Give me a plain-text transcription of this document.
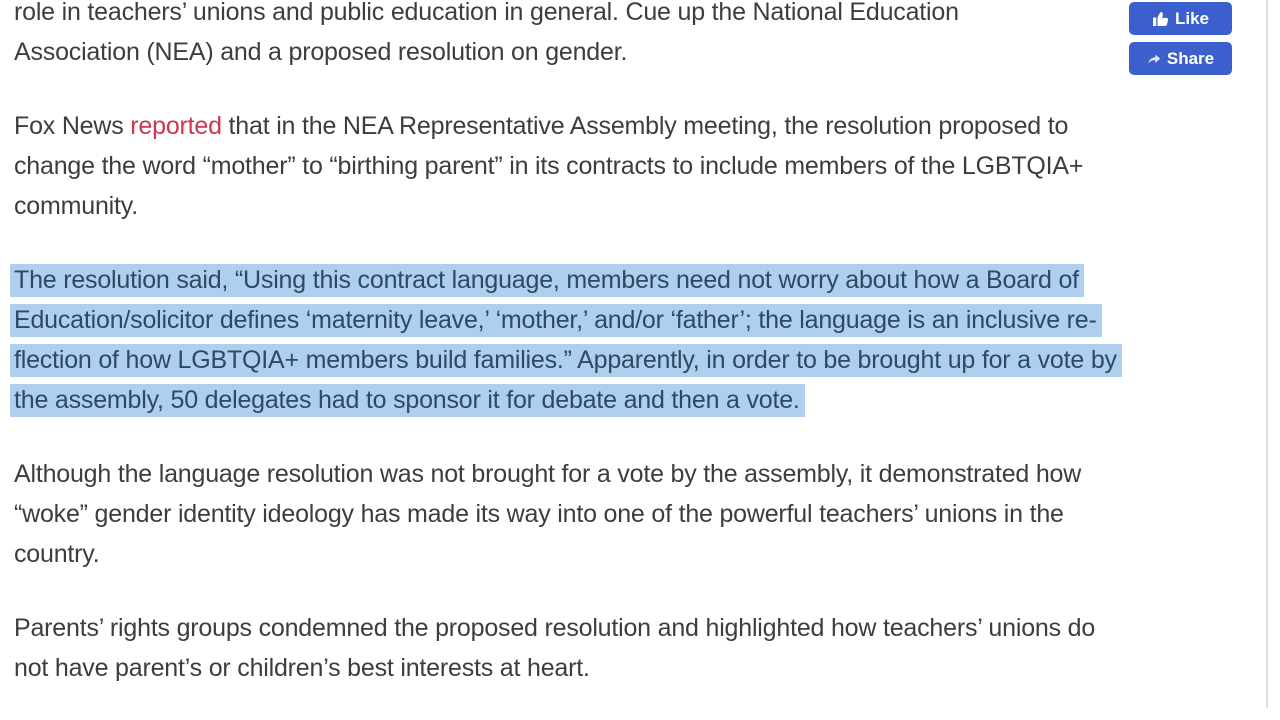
role in teachers’ unions and public education in general. Cue up the National Education
Association (NEA) and a proposed resolution on gender.
Fox News reported that in the NEA Representative Assembly meeting, the resolution proposed to
change the word “mother” to “birthing parent” in its contracts to include members of the LGBTQIA+
community.
The resolution said, “Using this contract language, members need not worry about how a Board of
Education/solicitor defines ‘maternity leave,’ ‘mother,’ and/or ‘father’; the language is an inclusive re-
flection of how LGBTQIA+ members build families.” Apparently, in order to be brought up for a vote by
the assembly, 50 delegates had to sponsor it for debate and then a vote.
Although the language resolution was not brought for a vote by the assembly, it demonstrated how
“woke” gender identity ideology has made its way into one of the powerful teachers’ unions in the
country.
Parents’ rights groups condemned the proposed resolution and highlighted how teachers’ unions do
not have parent’s or children’s best interests at heart.
Like
Share
